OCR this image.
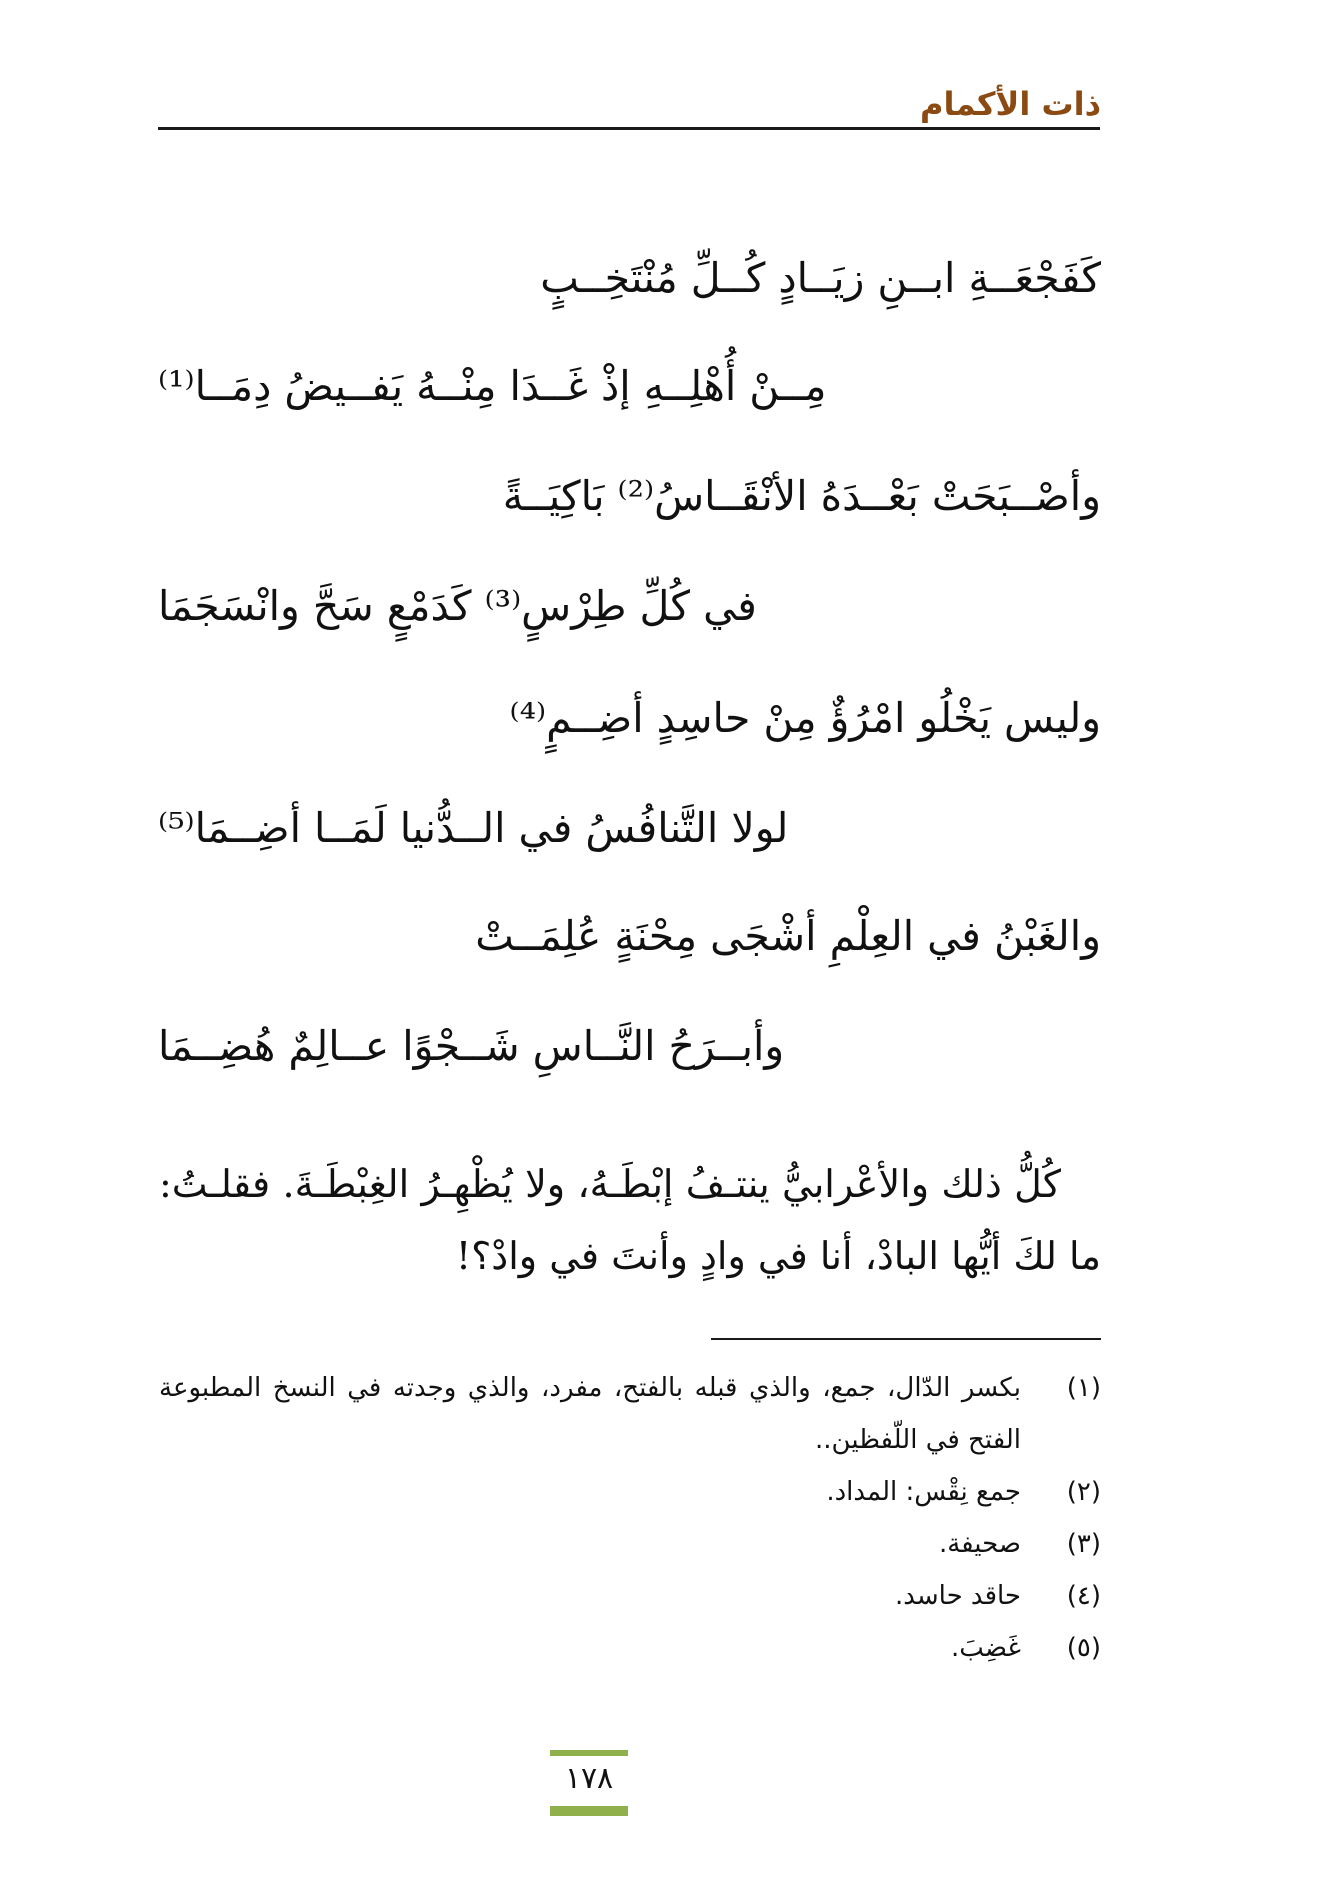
ذات الأكمام
كَفَجْعَــةِ ابــنِ زيَــادٍ كُــلِّ مُنْتَخِــبٍ
مِــنْ أُهْلِــهِ إذْ غَــدَا مِنْــهُ يَفــيضُ دِمَــا⁽¹⁾
وأصْــبَحَتْ بَعْــدَهُ الأنْقَــاسُ⁽²⁾ بَاكِيَــةً
في كُلِّ طِرْسٍ⁽³⁾ كَدَمْعٍ سَحَّ وانْسَجَمَا
وليس يَخْلُو امْرُؤٌ مِنْ حاسِدٍ أضِــمٍ⁽⁴⁾
لولا التَّنافُسُ في الــدُّنيا لَمَــا أضِــمَا⁽⁵⁾
والغَبْنُ في العِلْمِ أشْجَى مِحْنَةٍ عُلِمَــتْ
وأبــرَحُ النَّــاسِ شَــجْوًا عــالِمٌ هُضِــمَا

كُلُّ ذلك والأعْرابيُّ ينتـفُ إبْطَـهُ، ولا يُظْهِـرُ الغِبْطَـةَ. فقلـتُ: ما لكَ أيُّها البادْ، أنا في وادٍ وأنتَ في وادْ؟!

(١)
بكسر الدّال، جمع، والذي قبله بالفتح، مفرد، والذي وجدته في النسخ المطبوعة الفتح في اللّفظين..
(٢)
جمع نِقْس: المداد.
(٣)
صحيفة.
(٤)
حاقد حاسد.
(٥)
غَضِبَ.
١٧٨
